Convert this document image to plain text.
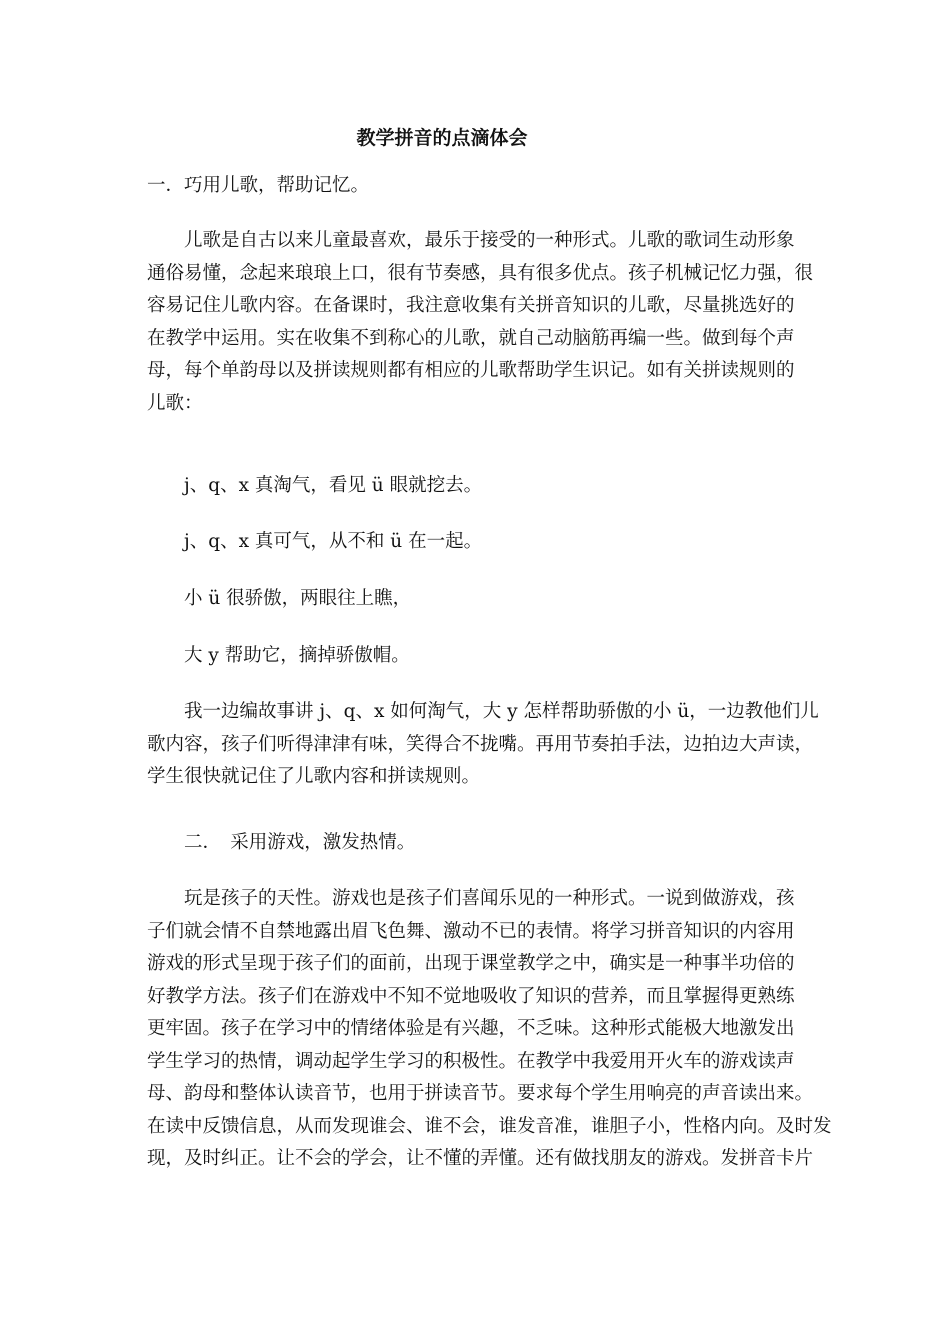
教学拼音的点滴体会
一．巧用儿歌，帮助记忆。

儿歌是自古以来儿童最喜欢，最乐于接受的一种形式。儿歌的歌词生动形象

通俗易懂，念起来琅琅上口，很有节奏感，具有很多优点。孩子机械记忆力强，很

容易记住儿歌内容。在备课时，我注意收集有关拼音知识的儿歌，尽量挑选好的

在教学中运用。实在收集不到称心的儿歌，就自己动脑筋再编一些。做到每个声

母，每个单韵母以及拼读规则都有相应的儿歌帮助学生识记。如有关拼读规则的

儿歌：

j、q、x 真淘气，看见 ü 眼就挖去。
j、q、x 真可气，从不和 ü 在一起。
小 ü 很骄傲，两眼往上瞧，
大 y 帮助它，摘掉骄傲帽。

我一边编故事讲 j、q、x 如何淘气，大 y 怎样帮助骄傲的小 ü，一边教他们儿

歌内容，孩子们听得津津有味，笑得合不拢嘴。再用节奏拍手法，边拍边大声读，

学生很快就记住了儿歌内容和拼读规则。

二．　采用游戏，激发热情。

玩是孩子的天性。游戏也是孩子们喜闻乐见的一种形式。一说到做游戏，孩

子们就会情不自禁地露出眉飞色舞、激动不已的表情。将学习拼音知识的内容用

游戏的形式呈现于孩子们的面前，出现于课堂教学之中，确实是一种事半功倍的

好教学方法。孩子们在游戏中不知不觉地吸收了知识的营养，而且掌握得更熟练

更牢固。孩子在学习中的情绪体验是有兴趣，不乏味。这种形式能极大地激发出

学生学习的热情，调动起学生学习的积极性。在教学中我爱用开火车的游戏读声

母、韵母和整体认读音节，也用于拼读音节。要求每个学生用响亮的声音读出来。

在读中反馈信息，从而发现谁会、谁不会，谁发音准，谁胆子小，性格内向。及时发

现，及时纠正。让不会的学会，让不懂的弄懂。还有做找朋友的游戏。发拼音卡片
